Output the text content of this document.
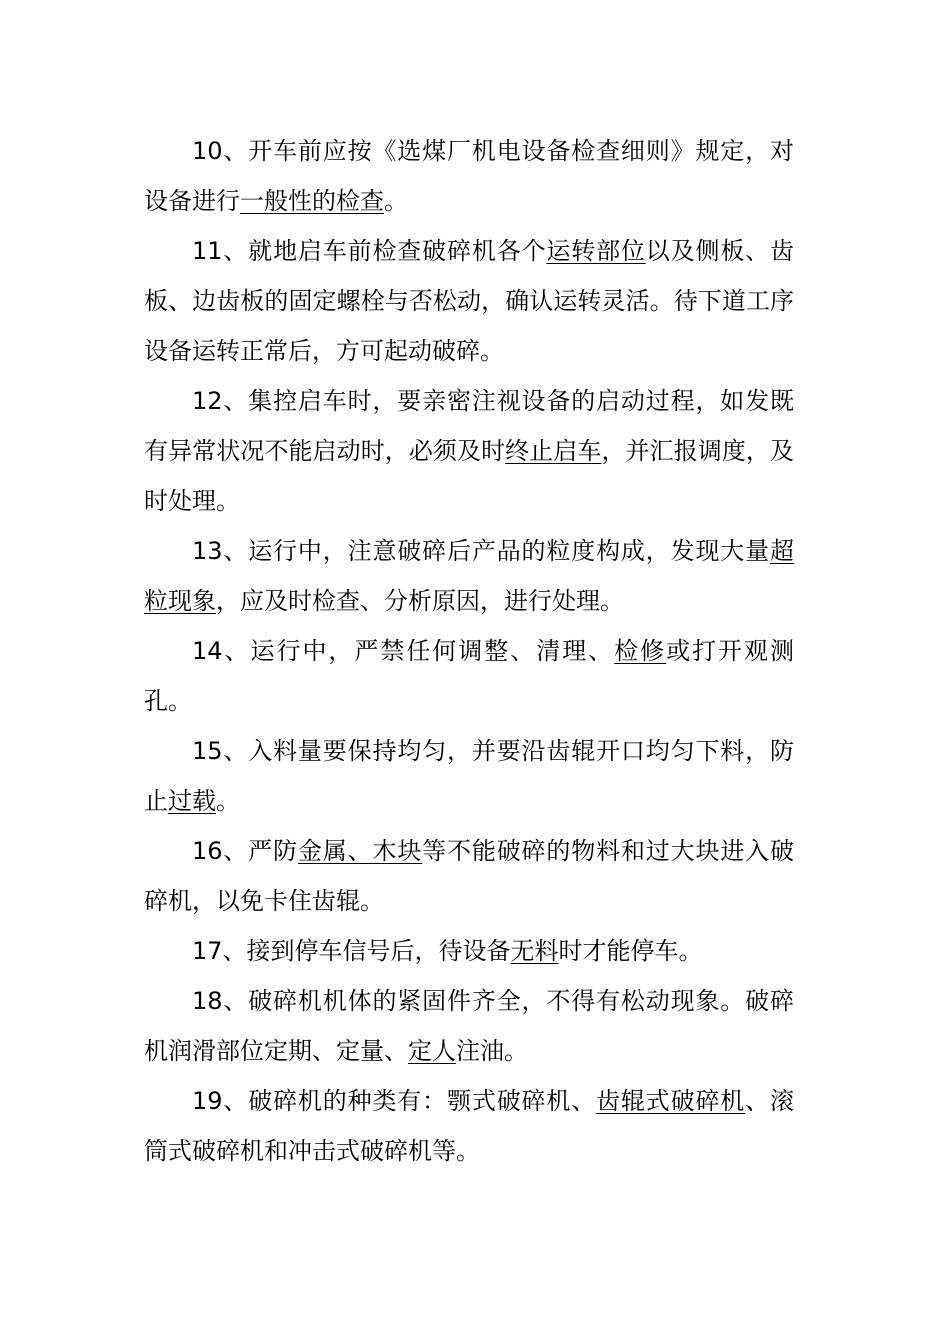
10、开车前应按《选煤厂机电设备检查细则》规定，对设备进行一般性的检查。

11、就地启车前检查破碎机各个运转部位以及侧板、齿板、边齿板的固定螺栓与否松动，确认运转灵活。待下道工序设备运转正常后，方可起动破碎。

12、集控启车时，要亲密注视设备的启动过程，如发既有异常状况不能启动时，必须及时终止启车，并汇报调度，及时处理。

13、运行中，注意破碎后产品的粒度构成，发现大量超粒现象，应及时检查、分析原因，进行处理。

14、运行中，严禁任何调整、清理、检修或打开观测孔。

15、入料量要保持均匀，并要沿齿辊开口均匀下料，防止过载。

16、严防金属、木块等不能破碎的物料和过大块进入破碎机，以免卡住齿辊。

17、接到停车信号后，待设备无料时才能停车。

18、破碎机机体的紧固件齐全，不得有松动现象。破碎机润滑部位定期、定量、定人注油。

19、破碎机的种类有：颚式破碎机、齿辊式破碎机、滚筒式破碎机和冲击式破碎机等。
